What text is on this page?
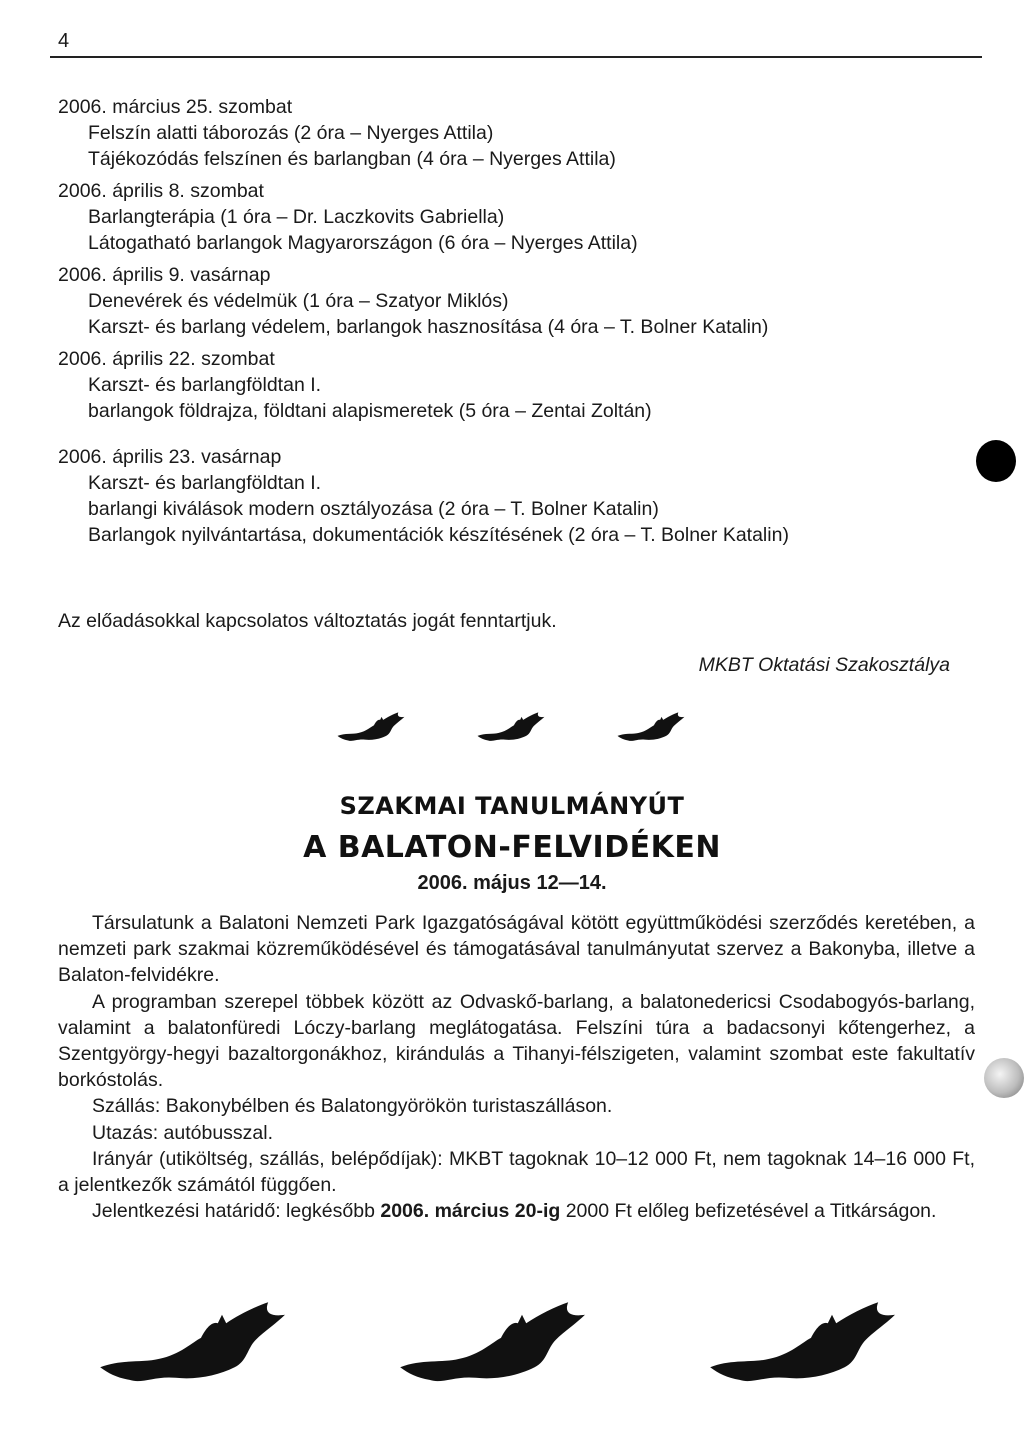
4
2006. március 25. szombat
Felszín alatti táborozás (2 óra – Nyerges Attila)
Tájékozódás felszínen és barlangban (4 óra – Nyerges Attila)
2006. április 8. szombat
Barlangterápia (1 óra – Dr. Laczkovits Gabriella)
Látogatható barlangok Magyarországon (6 óra – Nyerges Attila)
2006. április 9. vasárnap
Denevérek és védelmük (1 óra – Szatyor Miklós)
Karszt- és barlang védelem, barlangok hasznosítása (4 óra – T. Bolner Katalin)
2006. április 22. szombat
Karszt- és barlangföldtan I.
barlangok földrajza, földtani alapismeretek (5 óra – Zentai Zoltán)
2006. április 23. vasárnap
Karszt- és barlangföldtan I.
barlangi kiválások modern osztályozása (2 óra – T. Bolner Katalin)
Barlangok nyilvántartása, dokumentációk készítésének (2 óra – T. Bolner Katalin)
Az előadásokkal kapcsolatos változtatás jogát fenntartjuk.
MKBT Oktatási Szakosztálya
SZAKMAI TANULMÁNYÚT
A BALATON-FELVIDÉKEN
2006. május 12—14.

Társulatunk a Balatoni Nemzeti Park Igazgatóságával kötött együttműködési szerződés keretében, a nemzeti park szakmai közreműködésével és támogatásával tanulmányutat szervez a Bakonyba, illetve a Balaton-felvidékre.

A programban szerepel többek között az Odvaskő-barlang, a balatonedericsi Csodabogyós-barlang, valamint a balatonfüredi Lóczy-barlang meglátogatása. Felszíni túra a badacsonyi kőtengerhez, a Szentgyörgy-hegyi bazaltorgonákhoz, kirándulás a Tihanyi-félszigeten, valamint szombat este fakultatív borkóstolás.

Szállás: Bakonybélben és Balatongyörökön turistaszálláson.

Utazás: autóbusszal.

Irányár (utiköltség, szállás, belépődíjak): MKBT tagoknak 10–12 000 Ft, nem tagoknak 14–16 000 Ft, a jelentkezők számától függően.

Jelentkezési határidő: legkésőbb 2006. március 20-ig 2000 Ft előleg befizetésével a Titkárságon.
